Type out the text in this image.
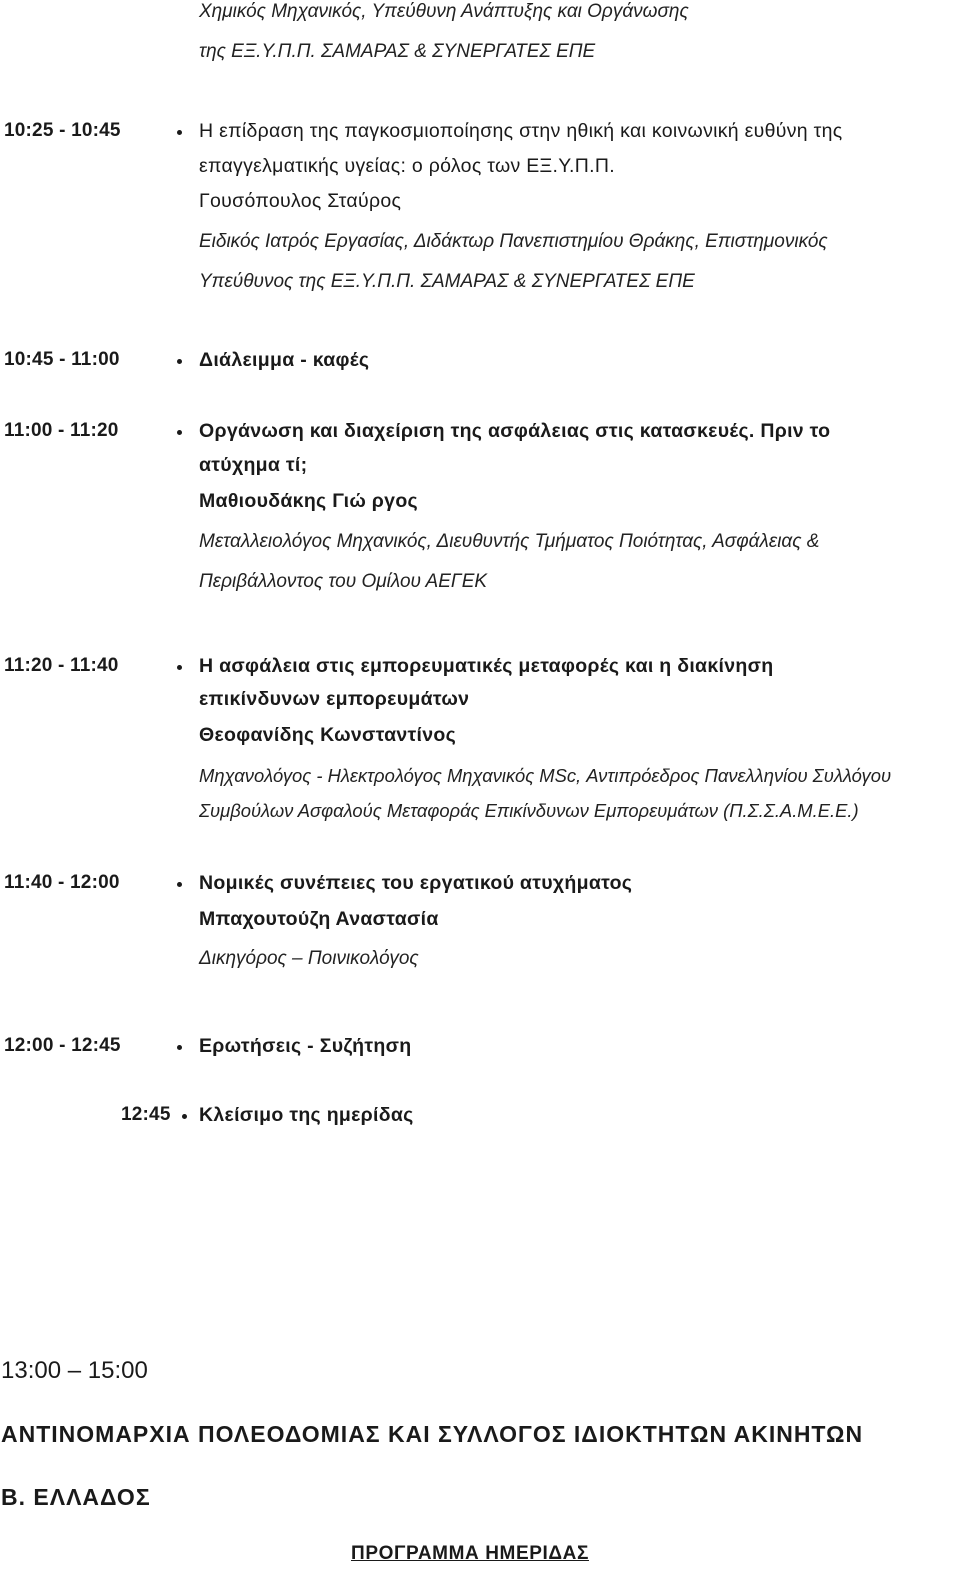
Χημικός Μηχανικός, Υπεύθυνη Ανάπτυξης και Οργάνωσης
της ΕΞ.Υ.Π.Π. ΣΑΜΑΡΑΣ & ΣΥΝΕΡΓΑΤΕΣ ΕΠΕ
10:25 - 10:45	Η επίδραση της παγκοσμιοποίησης στην ηθική και κοινωνική ευθύνη της
επαγγελματικής υγείας: ο ρόλος των ΕΞ.Υ.Π.Π.
Γουσόπουλος Σταύρος
Ειδικός Ιατρός Εργασίας, Διδάκτωρ Πανεπιστημίου Θράκης, Επιστημονικός
Υπεύθυνος της ΕΞ.Υ.Π.Π. ΣΑΜΑΡΑΣ & ΣΥΝΕΡΓΑΤΕΣ ΕΠΕ
10:45 - 11:00	Διάλειμμα - καφές
11:00 - 11:20	Οργάνωση και διαχείριση της ασφάλειας στις κατασκευές. Πριν το
ατύχημα τί;
Μαθιουδάκης Γιώ ργος
Μεταλλειολόγος Μηχανικός, Διευθυντής Τμήματος Ποιότητας, Ασφάλειας &
Περιβάλλοντος του Ομίλου ΑΕΓΕΚ
11:20 - 11:40	Η ασφάλεια στις εμπορευματικές μεταφορές και η διακίνηση
επικίνδυνων εμπορευμάτων
Θεοφανίδης Κωνσταντίνος
Μηχανολόγος - Ηλεκτρολόγος Μηχανικός MSc, Αντιπρόεδρος Πανελληνίου Συλλόγου
Συμβούλων Ασφαλούς Μεταφοράς Επικίνδυνων Εμπορευμάτων (Π.Σ.Σ.Α.Μ.Ε.Ε.)
11:40 - 12:00	Νομικές συνέπειες του εργατικού ατυχήματος
Μπαχουτούζη Αναστασία
Δικηγόρος – Ποινικολόγος
12:00 - 12:45	Ερωτήσεις - Συζήτηση
12:45 Κλείσιμο της ημερίδας
13:00 – 15:00
ΑΝΤΙΝΟΜΑΡΧΙΑ ΠΟΛΕΟΔΟΜΙΑΣ ΚΑΙ ΣΥΛΛΟΓΟΣ ΙΔΙΟΚΤΗΤΩΝ ΑΚΙΝΗΤΩΝ
Β. ΕΛΛΑΔΟΣ
ΠΡΟΓΡΑΜΜΑ ΗΜΕΡΙΔΑΣ
